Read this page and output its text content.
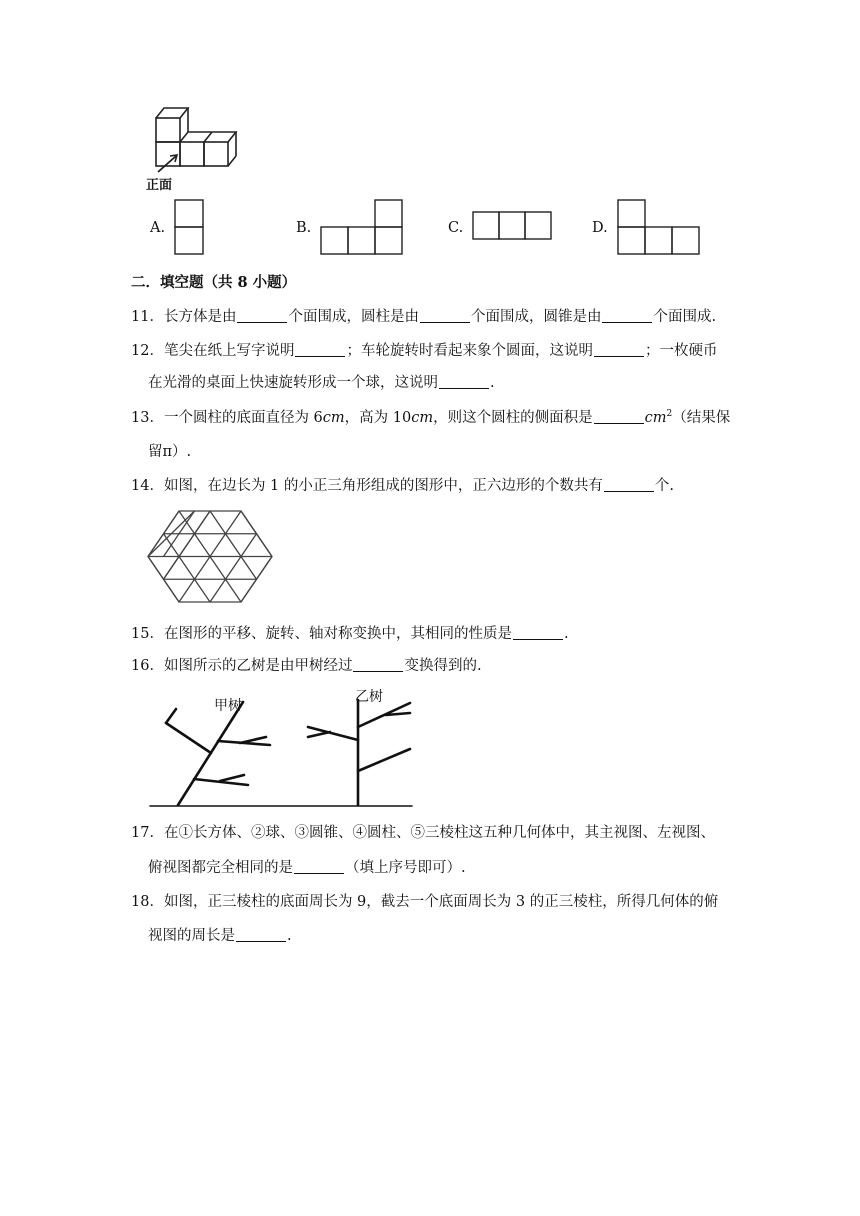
正面
A.	B.	C.	D.
二．填空题（共 8 小题）
11．长方体是由	个面围成，圆柱是由	个面围成，圆锥是由	个面围成.
12．笔尖在纸上写字说明	；车轮旋转时看起来象个圆面，这说明	；一枚硬币
在光滑的桌面上快速旋转形成一个球，这说明	.
13．一个圆柱的底面直径为 6cm，高为 10cm，则这个圆柱的侧面积是	$cm^2$（结果保
留π）.
14．如图，在边长为 1 的小正三角形组成的图形中，正六边形的个数共有	个.
15．在图形的平移、旋转、轴对称变换中，其相同的性质是	.
16．如图所示的乙树是由甲树经过	变换得到的.
甲树
乙树
17．在①长方体、②球、③圆锥、④圆柱、⑤三棱柱这五种几何体中，其主视图、左视图、
俯视图都完全相同的是	（填上序号即可）.
18．如图，正三棱柱的底面周长为 9，截去一个底面周长为 3 的正三棱柱，所得几何体的俯
视图的周长是	.
